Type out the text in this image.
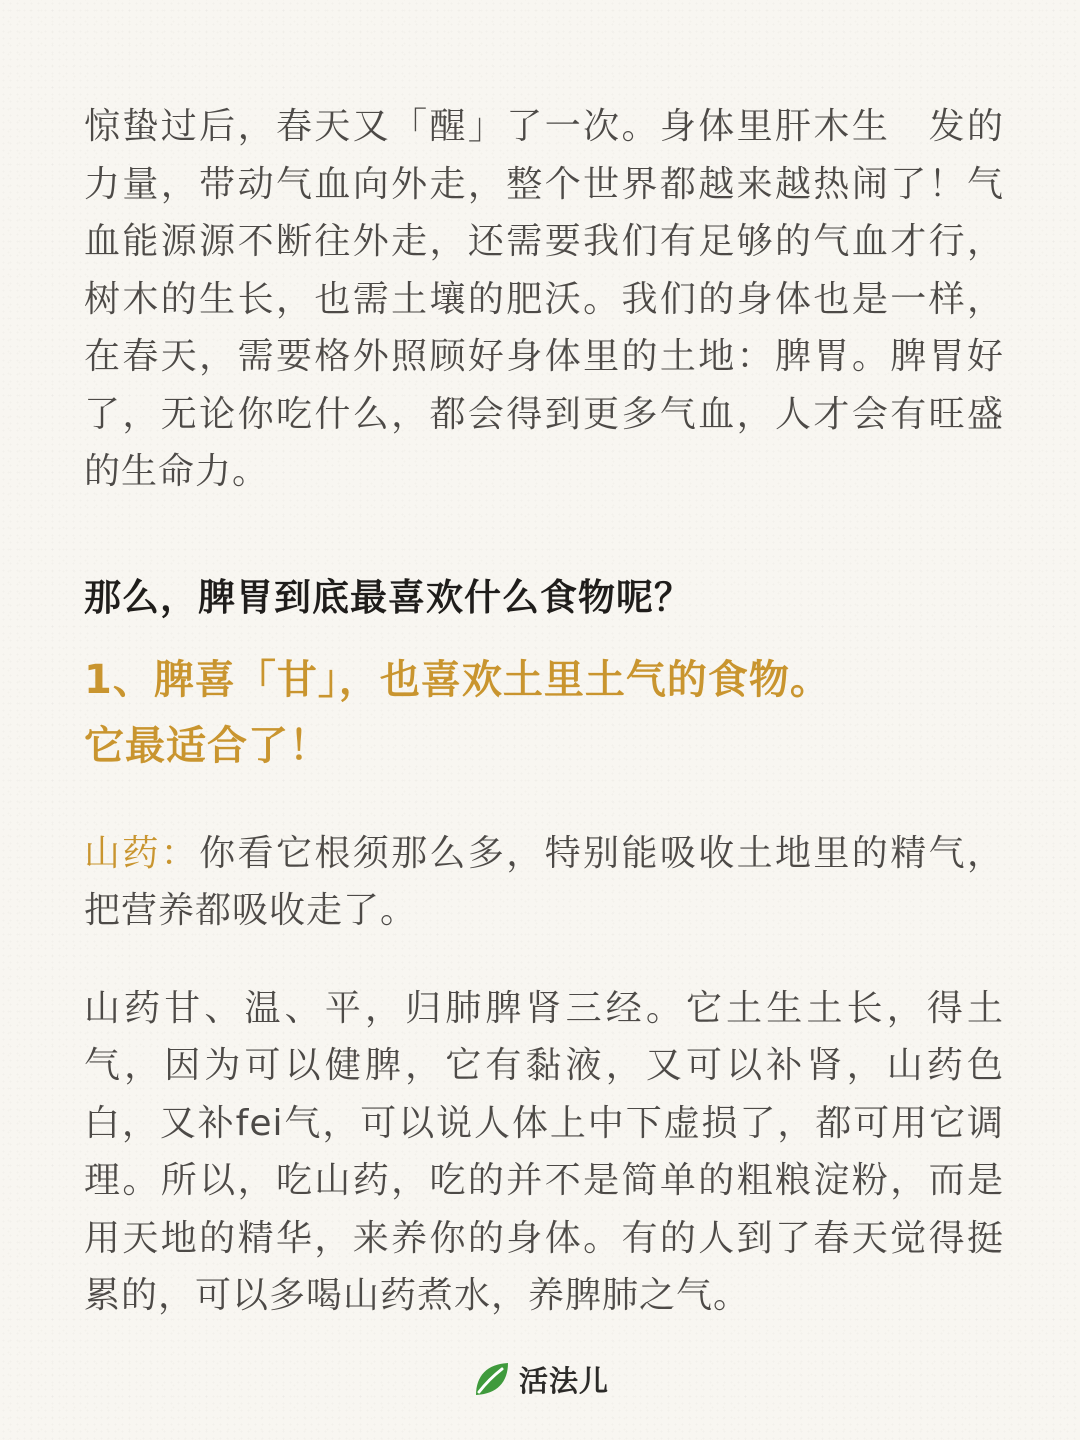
惊蛰过后，春天又「醒」了一次。身体里肝木生　发的力量，带动气血向外走，整个世界都越来越热闹了！气血能源源不断往外走，还需要我们有足够的气血才行，树木的生长，也需土壤的肥沃。我们的身体也是一样，在春天，需要格外照顾好身体里的土地：脾胃。脾胃好了，无论你吃什么，都会得到更多气血，人才会有旺盛的生命力。

那么，脾胃到底最喜欢什么食物呢？
1、脾喜「甘」，也喜欢土里土气的食物。
它最适合了！

山药：你看它根须那么多，特别能吸收土地里的精气，把营养都吸收走了。

山药甘、温、平，归肺脾肾三经。它土生土长，得土气，因为可以健脾，它有黏液，又可以补肾，山药色白，又补fei气，可以说人体上中下虚损了，都可用它调理。所以，吃山药，吃的并不是简单的粗粮淀粉，而是用天地的精华，来养你的身体。有的人到了春天觉得挺累的，可以多喝山药煮水，养脾肺之气。

活法儿
